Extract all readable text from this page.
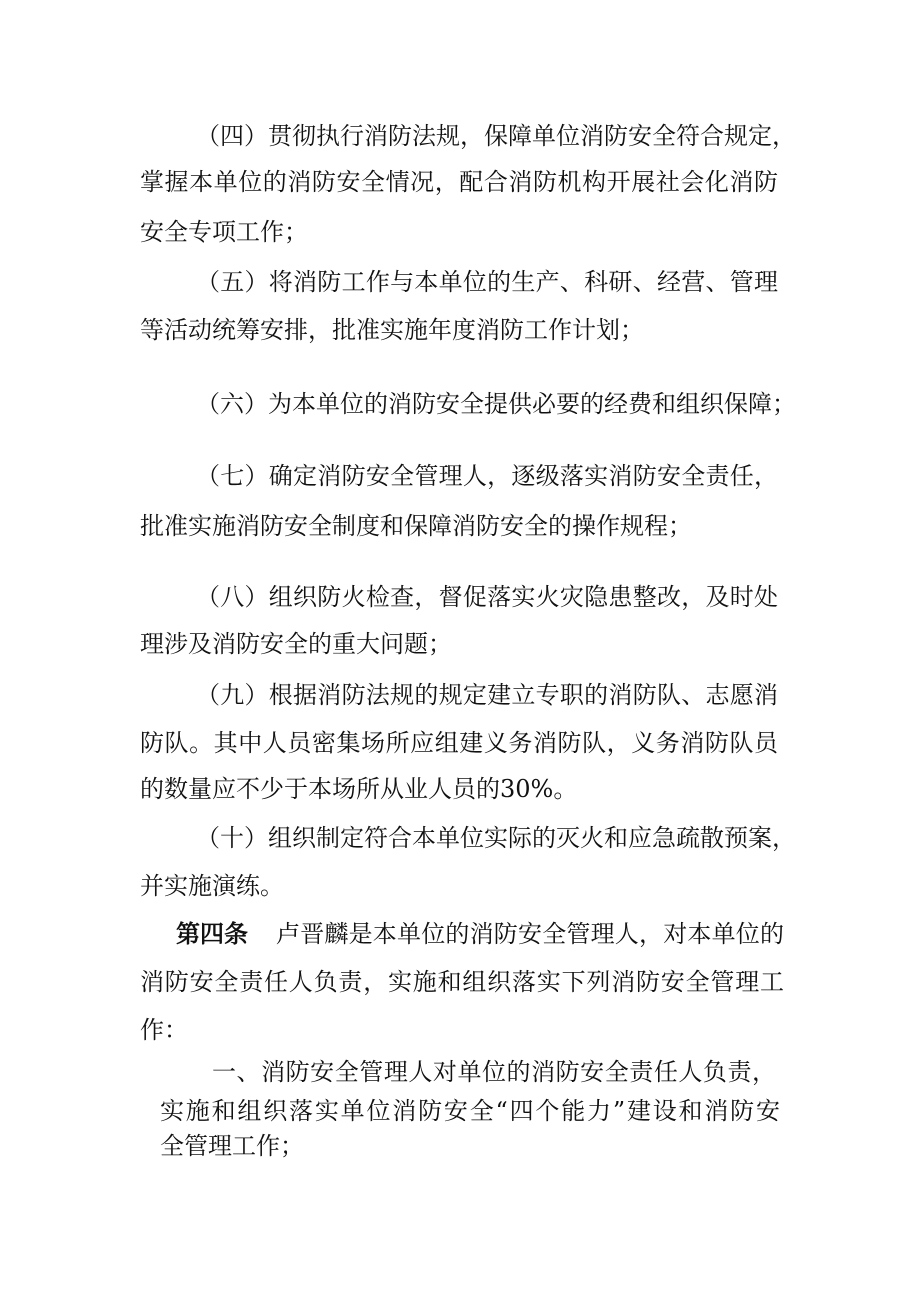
（四）贯彻执行消防法规，保障单位消防安全符合规定，

掌握本单位的消防安全情况，配合消防机构开展社会化消防

安全专项工作；

（五）将消防工作与本单位的生产、科研、经营、管理

等活动统筹安排，批准实施年度消防工作计划；

（六）为本单位的消防安全提供必要的经费和组织保障；

（七）确定消防安全管理人，逐级落实消防安全责任，

批准实施消防安全制度和保障消防安全的操作规程；

（八）组织防火检查，督促落实火灾隐患整改，及时处

理涉及消防安全的重大问题；

（九）根据消防法规的规定建立专职的消防队、志愿消

防队。其中人员密集场所应组建义务消防队，义务消防队员

的数量应不少于本场所从业人员的30%。

（十）组织制定符合本单位实际的灭火和应急疏散预案，

并实施演练。

第四条 卢晋麟是本单位的消防安全管理人，对本单位的

消防安全责任人负责，实施和组织落实下列消防安全管理工

作：

一、消防安全管理人对单位的消防安全责任人负责，

实施和组织落实单位消防安全“四个能力”建设和消防安

全管理工作；
